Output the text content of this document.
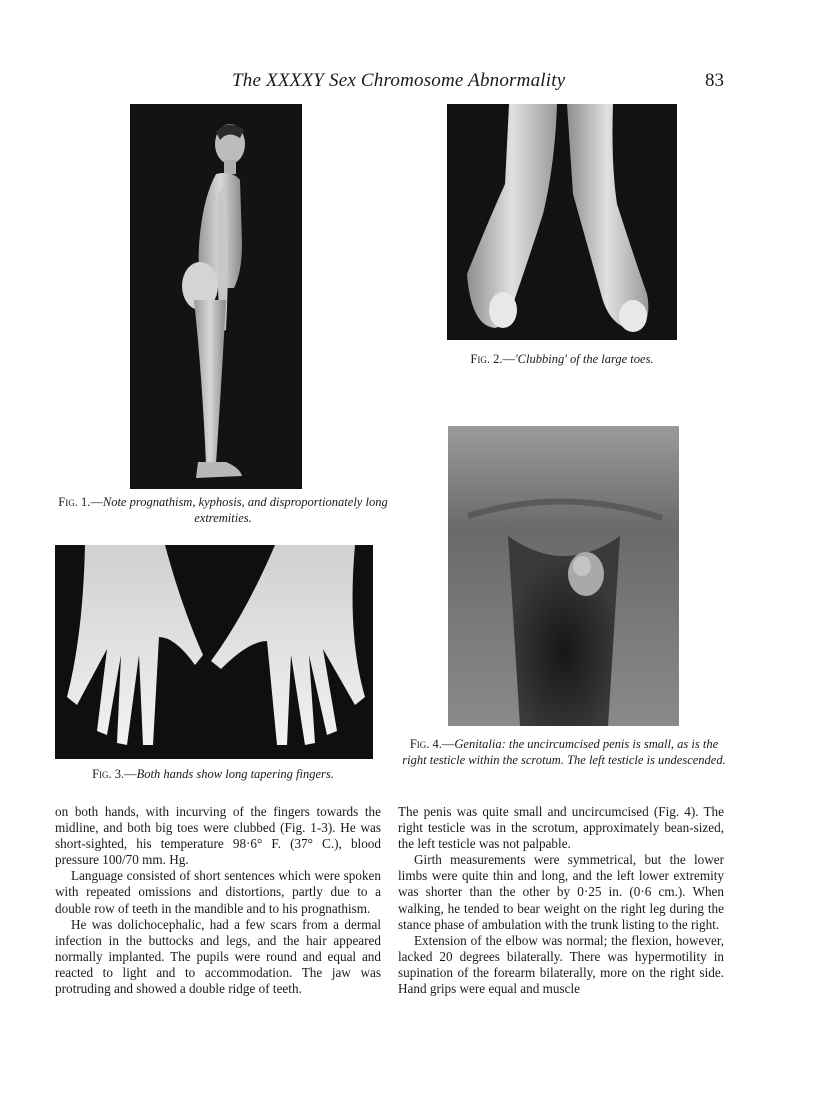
The XXXXY Sex Chromosome Abnormality	83
Fig. 1.—Note prognathism, kyphosis, and disproportionately long extremities.
Fig. 2.—'Clubbing' of the large toes.
Fig. 3.—Both hands show long tapering fingers.
Fig. 4.—Genitalia: the uncircumcised penis is small, as is the right testicle within the scrotum. The left testicle is undescended.

on both hands, with incurving of the fingers towards the midline, and both big toes were clubbed (Fig. 1-3). He was short-sighted, his temperature 98·6° F. (37° C.), blood pressure 100/70 mm. Hg.

Language consisted of short sentences which were spoken with repeated omissions and distortions, partly due to a double row of teeth in the mandible and to his prognathism.

He was dolichocephalic, had a few scars from a dermal infection in the buttocks and legs, and the hair appeared normally implanted. The pupils were round and equal and reacted to light and to accommodation. The jaw was protruding and showed a double ridge of teeth.

The penis was quite small and uncircumcised (Fig. 4). The right testicle was in the scrotum, approximately bean-sized, the left testicle was not palpable.

Girth measurements were symmetrical, but the lower limbs were quite thin and long, and the left lower extremity was shorter than the other by 0·25 in. (0·6 cm.). When walking, he tended to bear weight on the right leg during the stance phase of ambulation with the trunk listing to the right.

Extension of the elbow was normal; the flexion, however, lacked 20 degrees bilaterally. There was hypermotility in supination of the forearm bilaterally, more on the right side. Hand grips were equal and muscle
